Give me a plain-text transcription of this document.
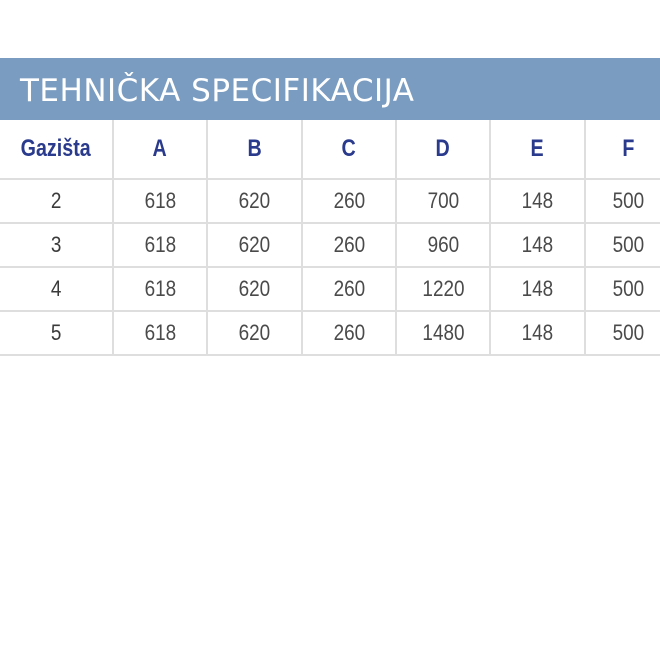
TEHNIČKA SPECIFIKACIJA
Gazišta	A	B	C	D	E	F
2	618	620	260	700	148	500
3	618	620	260	960	148	500
4	618	620	260	1220	148	500
5	618	620	260	1480	148	500
